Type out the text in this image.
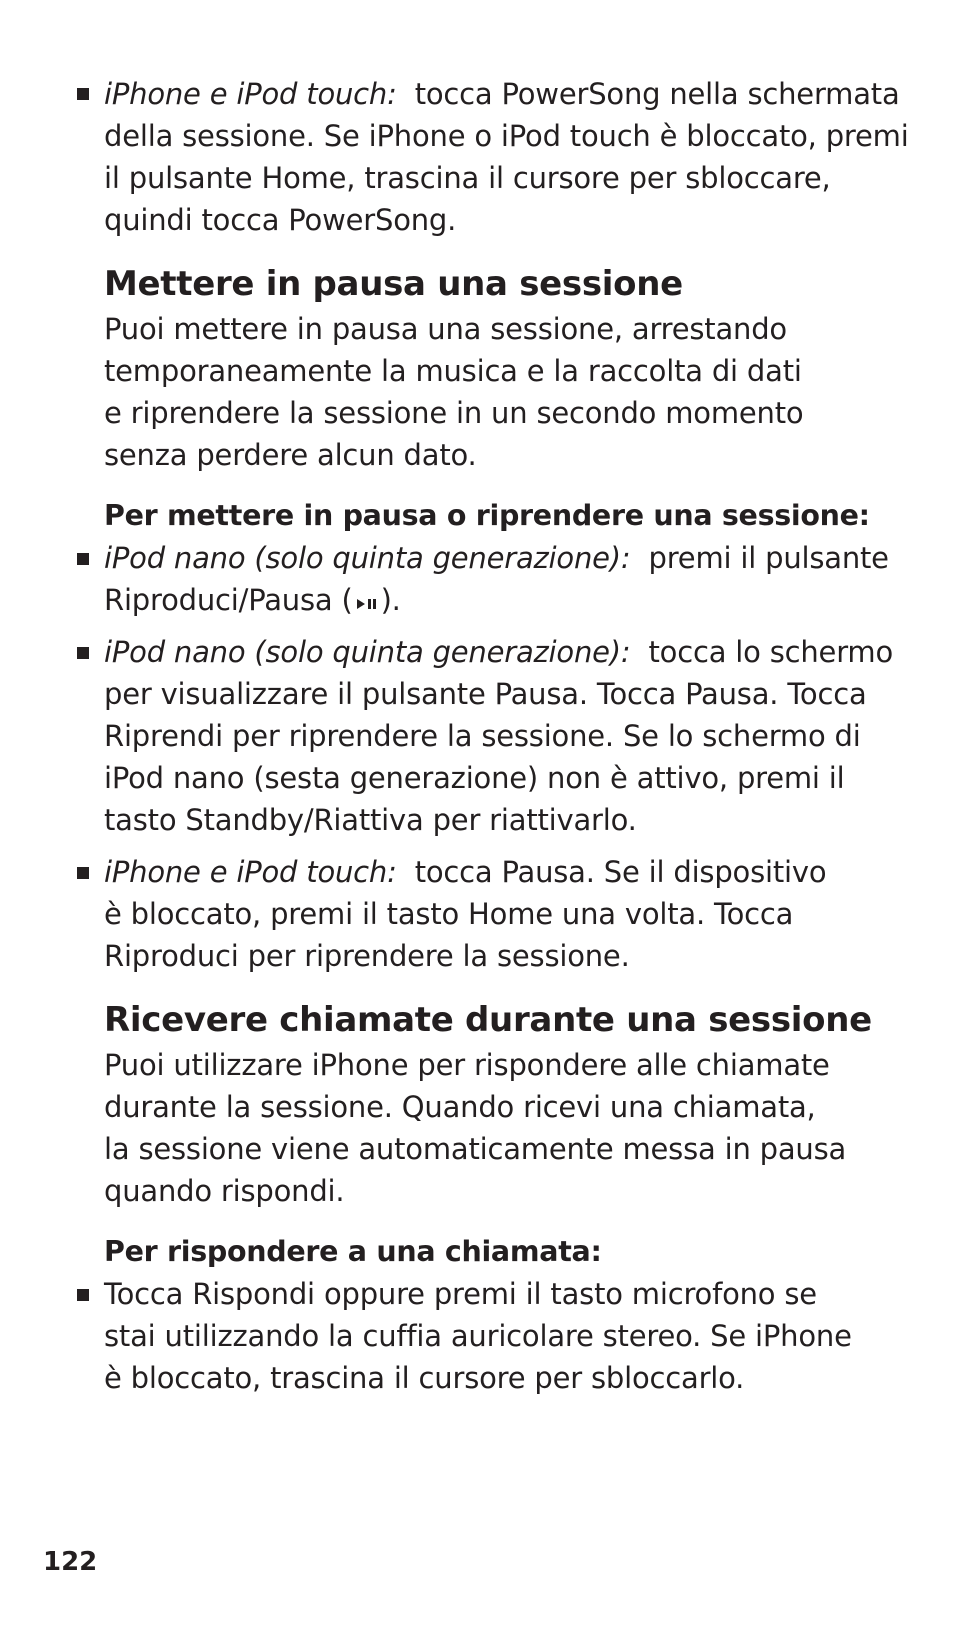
iPhone e iPod touch: tocca PowerSong nella schermata
della sessione. Se iPhone o iPod touch è bloccato, premi
il pulsante Home, trascina il cursore per sbloccare,
quindi tocca PowerSong.
Mettere in pausa una sessione
Puoi mettere in pausa una sessione, arrestando
temporaneamente la musica e la raccolta di dati
e riprendere la sessione in un secondo momento
senza perdere alcun dato.
Per mettere in pausa o riprendere una sessione:
iPod nano (solo quinta generazione): premi il pulsante
Riproduci/Pausa ( ).
iPod nano (solo quinta generazione): tocca lo schermo
per visualizzare il pulsante Pausa. Tocca Pausa. Tocca
Riprendi per riprendere la sessione. Se lo schermo di
iPod nano (sesta generazione) non è attivo, premi il
tasto Standby/Riattiva per riattivarlo.
iPhone e iPod touch: tocca Pausa. Se il dispositivo
è bloccato, premi il tasto Home una volta. Tocca
Riproduci per riprendere la sessione.
Ricevere chiamate durante una sessione
Puoi utilizzare iPhone per rispondere alle chiamate
durante la sessione. Quando ricevi una chiamata,
la sessione viene automaticamente messa in pausa
quando rispondi.
Per rispondere a una chiamata:
Tocca Rispondi oppure premi il tasto microfono se
stai utilizzando la cuffia auricolare stereo. Se iPhone
è bloccato, trascina il cursore per sbloccarlo.
122
